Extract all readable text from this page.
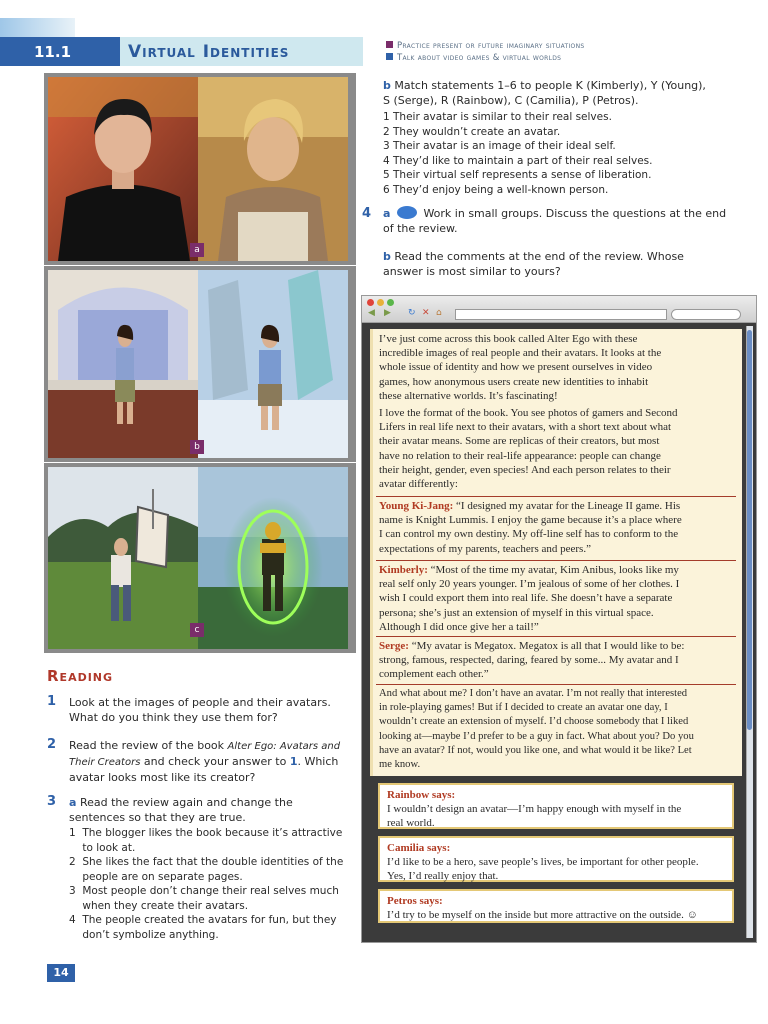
11.1	Virtual Identities	Practice present or future imaginary situations
Talk about video games & virtual worlds
a
b
c
b Match statements 1–6 to people K (Kimberly), Y (Young),
S (Serge), R (Rainbow), C (Camilia), P (Petros).
1 Their avatar is similar to their real selves.
2 They wouldn’t create an avatar.
3 Their avatar is an image of their ideal self.
4 They’d like to maintain a part of their real selves.
5 Their virtual self represents a sense of liberation.
6 They’d enjoy being a well-known person.
4 a	Work in small groups. Discuss the questions at the end
of the review.
b Read the comments at the end of the review. Whose
answer is most similar to yours?
◀ ▶ ↻ ✕ ⌂
I’ve just come across this book called Alter Ego with these
incredible images of real people and their avatars. It looks at the
whole issue of identity and how we present ourselves in video
games, how anonymous users create new identities to inhabit
these alternative worlds. It’s fascinating!
I love the format of the book. You see photos of gamers and Second
Lifers in real life next to their avatars, with a short text about what
their avatar means. Some are replicas of their creators, but most
have no relation to their real-life appearance: people can change
their height, gender, even species! And each person relates to their
avatar differently:
Young Ki-Jang: “I designed my avatar for the Lineage II game. His
name is Knight Lummis. I enjoy the game because it’s a place where
I can control my own destiny. My off-line self has to conform to the
expectations of my parents, teachers and peers.”
Kimberly: “Most of the time my avatar, Kim Anibus, looks like my
real self only 20 years younger. I’m jealous of some of her clothes. I
wish I could export them into real life. She doesn’t have a separate
persona; she’s just an extension of myself in this virtual space.
Although I did once give her a tail!”
Serge: “My avatar is Megatox. Megatox is all that I would like to be:
strong, famous, respected, daring, feared by some... My avatar and I
complement each other.”
And what about me? I don’t have an avatar. I’m not really that interested
in role-playing games! But if I decided to create an avatar one day, I
wouldn’t create an extension of myself. I’d choose somebody that I liked
looking at—maybe I’d prefer to be a guy in fact. What about you? Do you
have an avatar? If not, would you like one, and what would it be like? Let
me know.
Rainbow says:
I wouldn’t design an avatar—I’m happy enough with myself in the
real world.
Camilia says:
I’d like to be a hero, save people’s lives, be important for other people.
Yes, I’d really enjoy that.
Petros says:
I’d try to be myself on the inside but more attractive on the outside. ☺
Reading
1 Look at the images of people and their avatars.
What do you think they use them for?
2 Read the review of the book Alter Ego: Avatars and
Their Creators and check your answer to 1. Which
avatar looks most like its creator?
3 a Read the review again and change the
sentences so that they are true.
1  The blogger likes the book because it’s attractive
to look at.
2  She likes the fact that the double identities of the
people are on separate pages.
3  Most people don’t change their real selves much
when they create their avatars.
4  The people created the avatars for fun, but they
don’t symbolize anything.
14
